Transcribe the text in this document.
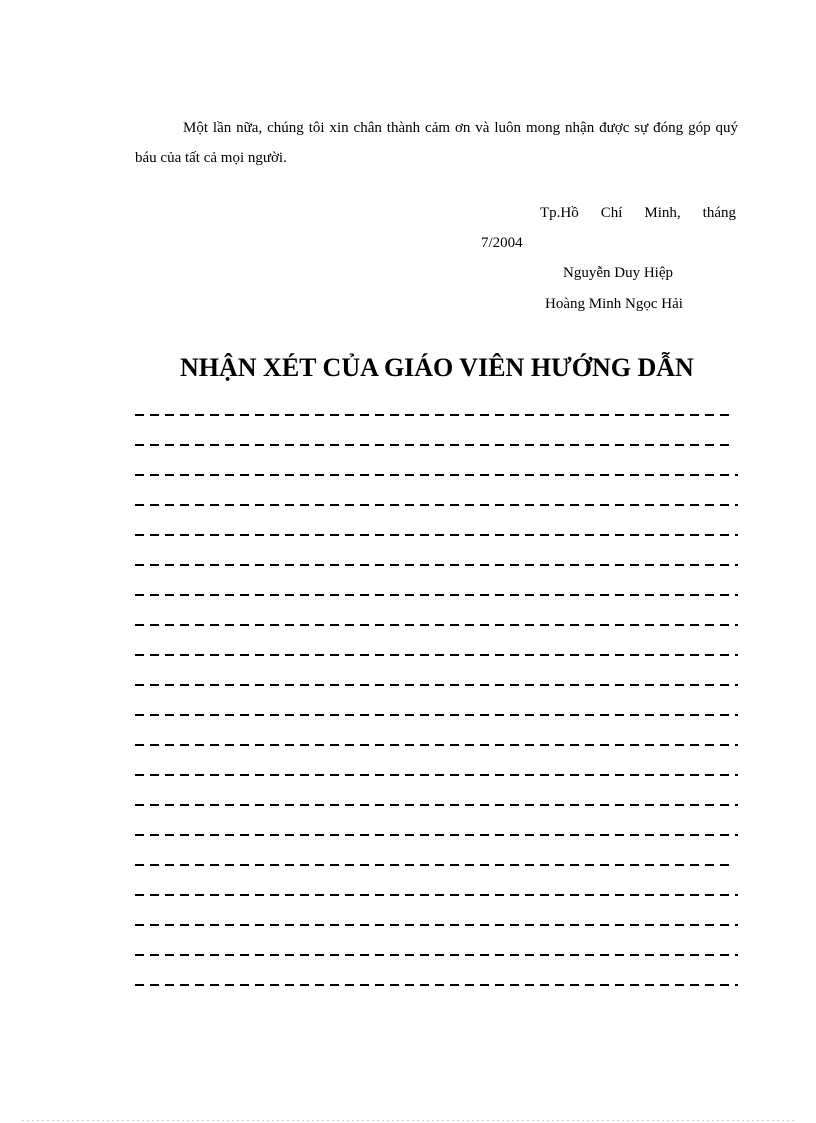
Một lần nữa, chúng tôi xin chân thành cảm ơn và luôn mong nhận được sự đóng góp quý báu của tất cả mọi người.

Tp.Hồ Chí Minh, tháng

7/2004

Nguyễn Duy Hiệp

Hoàng Minh Ngọc Hải

NHẬN XÉT CỦA GIÁO VIÊN HƯỚNG DẪN
